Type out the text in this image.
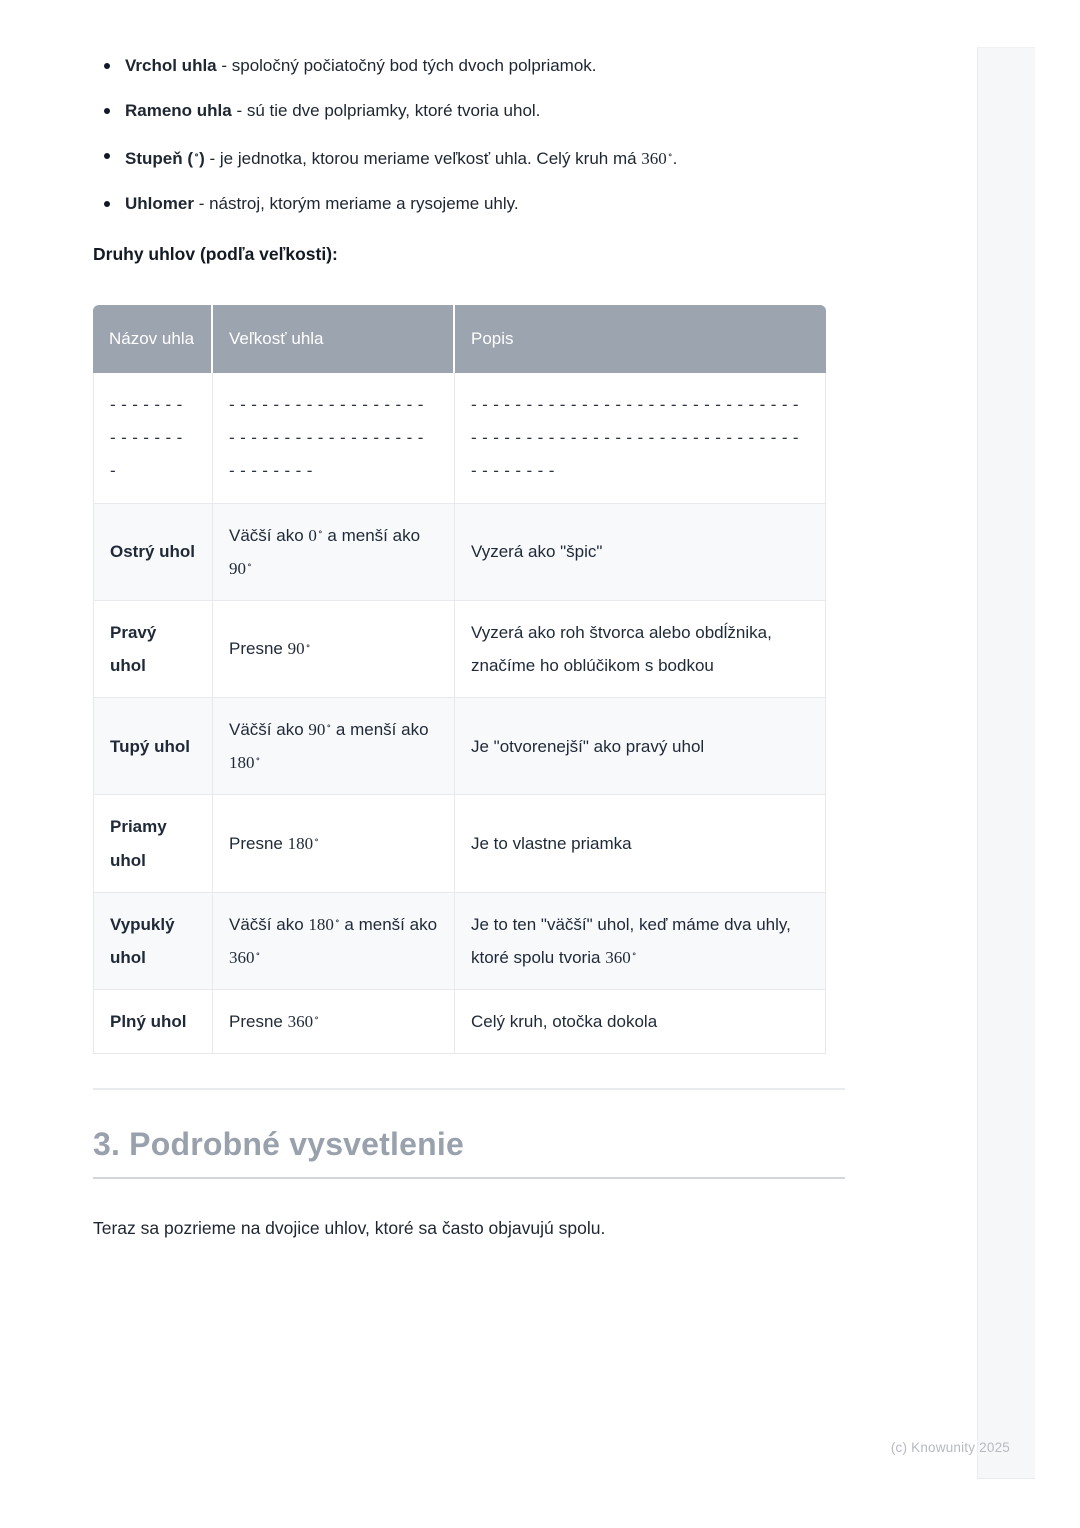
Vrchol uhla - spoločný počiatočný bod tých dvoch polpriamok.
Rameno uhla - sú tie dve polpriamky, ktoré tvoria uhol.
Stupeň (∘) - je jednotka, ktorou meriame veľkosť uhla. Celý kruh má 360∘.
Uhlomer - nástroj, ktorým meriame a rysojeme uhly.

Druhy uhlov (podľa veľkosti):

Názov uhla	Veľkosť uhla	Popis
---------------	--------------------------------------------	--------------------------------------------------------------------
Ostrý uhol	Väčší ako 0∘ a menší ako 90∘	Vyzerá ako "špic"
Pravý uhol	Presne 90∘	Vyzerá ako roh štvorca alebo obdĺžnika, značíme ho oblúčikom s bodkou
Tupý uhol	Väčší ako 90∘ a menší ako 180∘	Je "otvorenejší" ako pravý uhol
Priamy uhol	Presne 180∘	Je to vlastne priamka
Vypuklý uhol	Väčší ako 180∘ a menší ako 360∘	Je to ten "väčší" uhol, keď máme dva uhly, ktoré spolu tvoria 360∘
Plný uhol	Presne 360∘	Celý kruh, otočka dokola
3. Podrobné vysvetlenie

Teraz sa pozrieme na dvojice uhlov, ktoré sa často objavujú spolu.

(c) Knowunity 2025
